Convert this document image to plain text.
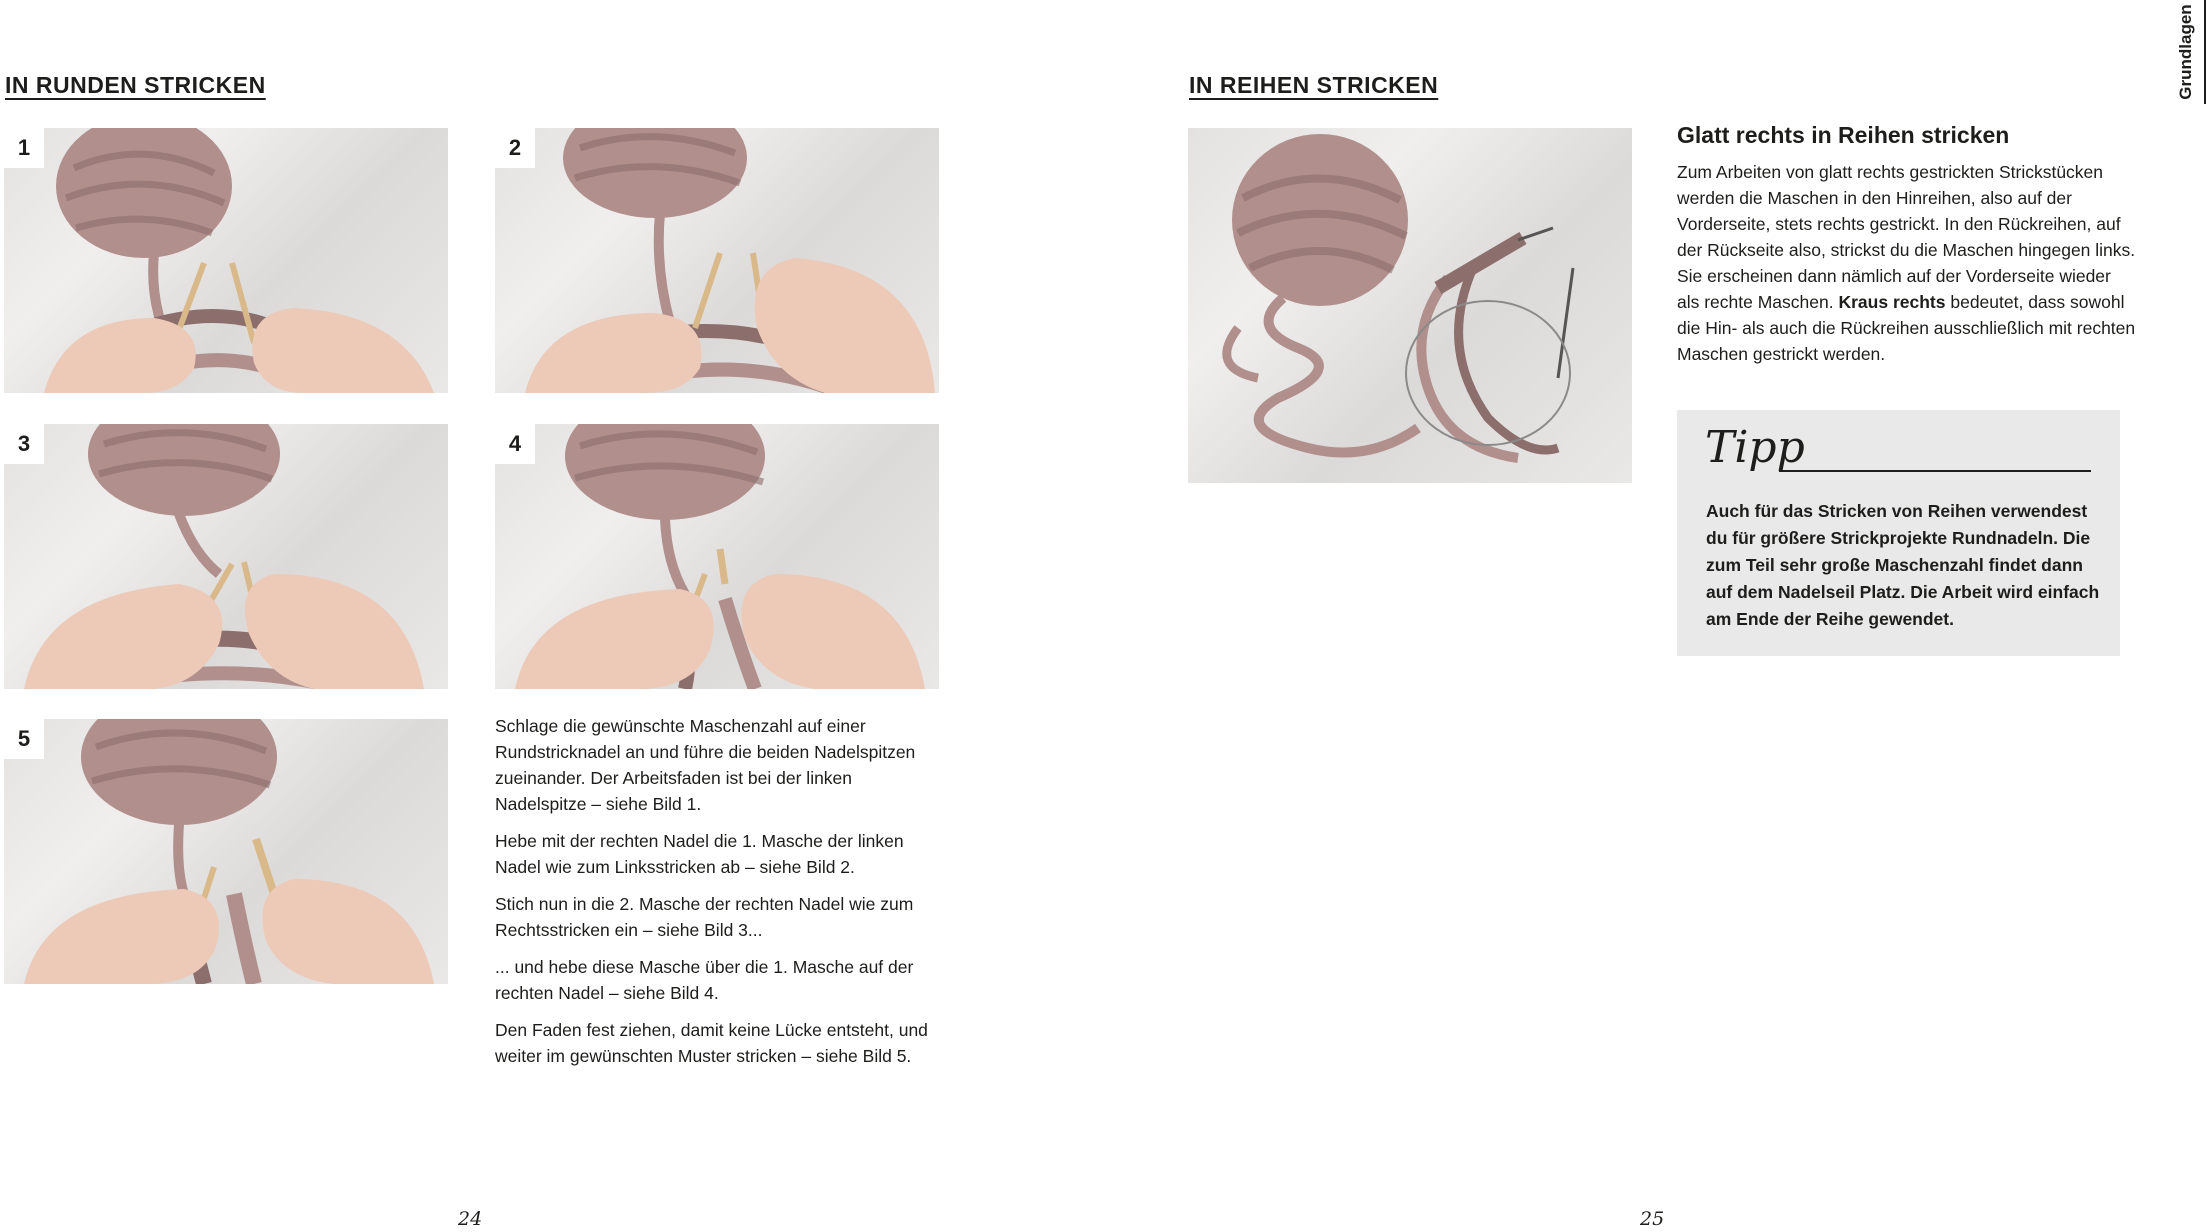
IN RUNDEN STRICKEN
1	2
3	4
5	Schlage die gewünschte Maschenzahl auf einer Rundstricknadel an und führe die beiden Nadelspitzen zueinander. Der Arbeitsfaden ist bei der linken Nadelspitze – siehe Bild 1.

Hebe mit der rechten Nadel die 1. Masche der linken Nadel wie zum Linksstricken ab – siehe Bild 2.

Stich nun in die 2. Masche der rechten Nadel wie zum Rechtsstricken ein – siehe Bild 3...

... und hebe diese Masche über die 1. Masche auf der rechten Nadel – siehe Bild 4.

Den Faden fest ziehen, damit keine Lücke entsteht, und weiter im gewünschten Muster stricken – siehe Bild 5.

24
IN REIHEN STRICKEN
Glatt rechts in Reihen stricken

Zum Arbeiten von glatt rechts gestrickten Strickstücken werden die Maschen in den Hinreihen, also auf der Vorderseite, stets rechts gestrickt. In den Rückreihen, auf der Rückseite also, strickst du die Maschen hingegen links. Sie erscheinen dann nämlich auf der Vorderseite wieder als rechte Maschen. Kraus rechts bedeutet, dass sowohl die Hin- als auch die Rückreihen ausschließlich mit rechten Maschen gestrickt werden.

Tipp

Auch für das Stricken von Reihen verwendest du für größere Strickprojekte Rundnadeln. Die zum Teil sehr große Maschenzahl findet dann auf dem Nadelseil Platz. Die Arbeit wird einfach am Ende der Reihe gewendet.

Grundlagen
25
